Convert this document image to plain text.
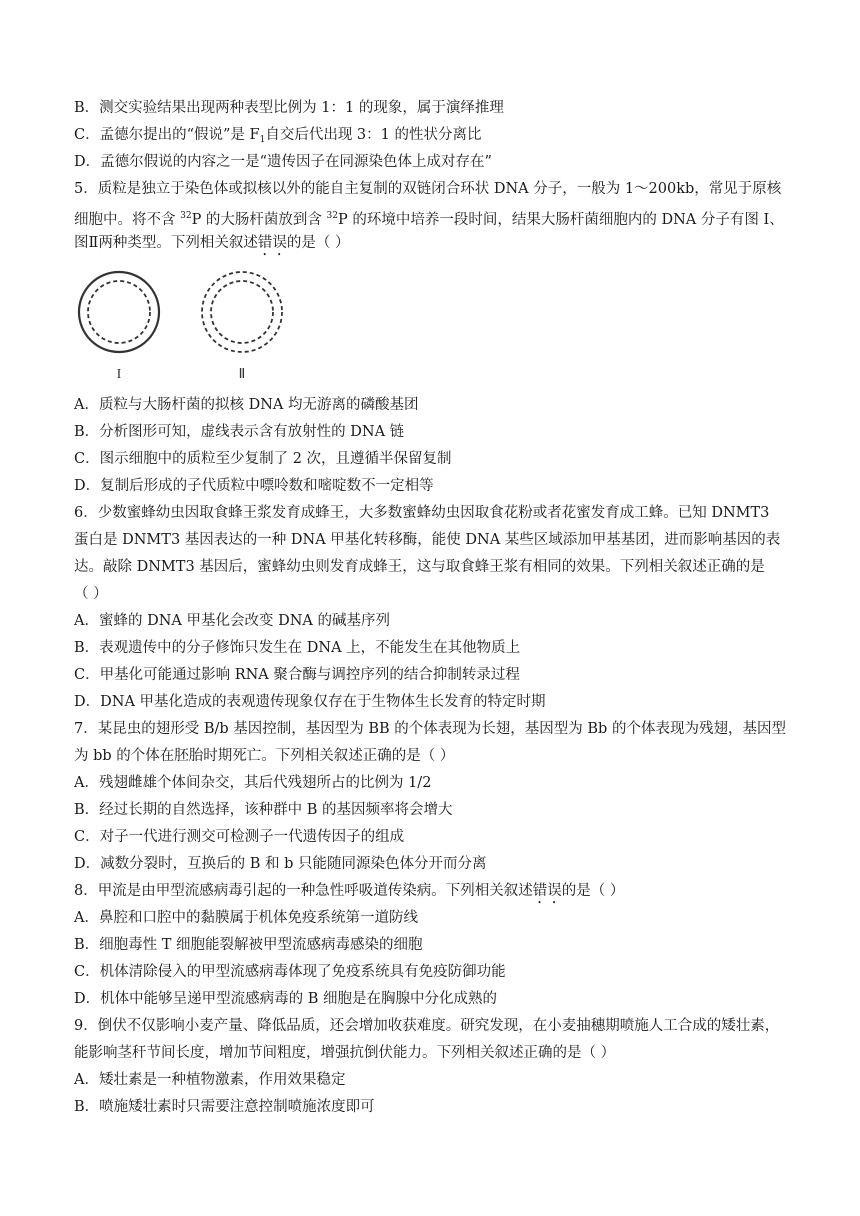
B．测交实验结果出现两种表型比例为 1：1 的现象，属于演绎推理
C．孟德尔提出的“假说”是 $F_1$自交后代出现 3：1 的性状分离比
D．孟德尔假说的内容之一是“遗传因子在同源染色体上成对存在”
5．质粒是独立于染色体或拟核以外的能自主复制的双链闭合环状 DNA 分子，一般为 1～200kb，常见于原核
细胞中。将不含 $^{32}$P 的大肠杆菌放到含 $^{32}$P 的环境中培养一段时间，结果大肠杆菌细胞内的 DNA 分子有图 I、
图Ⅱ两种类型。下列相关叙述错误的是（ ）
I	Ⅱ
A．质粒与大肠杆菌的拟核 DNA 均无游离的磷酸基团
B．分析图形可知，虚线表示含有放射性的 DNA 链
C．图示细胞中的质粒至少复制了 2 次，且遵循半保留复制
D．复制后形成的子代质粒中嘌呤数和嘧啶数不一定相等
6．少数蜜蜂幼虫因取食蜂王浆发育成蜂王，大多数蜜蜂幼虫因取食花粉或者花蜜发育成工蜂。已知 DNMT3
蛋白是 DNMT3 基因表达的一种 DNA 甲基化转移酶，能使 DNA 某些区域添加甲基基团，进而影响基因的表
达。敲除 DNMT3 基因后，蜜蜂幼虫则发育成蜂王，这与取食蜂王浆有相同的效果。下列相关叙述正确的是
（ ）
A．蜜蜂的 DNA 甲基化会改变 DNA 的碱基序列
B．表观遗传中的分子修饰只发生在 DNA 上，不能发生在其他物质上
C．甲基化可能通过影响 RNA 聚合酶与调控序列的结合抑制转录过程
D．DNA 甲基化造成的表观遗传现象仅存在于生物体生长发育的特定时期
7．某昆虫的翅形受 B/b 基因控制，基因型为 BB 的个体表现为长翅，基因型为 Bb 的个体表现为残翅，基因型
为 bb 的个体在胚胎时期死亡。下列相关叙述正确的是（ ）
A．残翅雌雄个体间杂交，其后代残翅所占的比例为 1/2
B．经过长期的自然选择，该种群中 B 的基因频率将会增大
C．对子一代进行测交可检测子一代遗传因子的组成
D．减数分裂时，互换后的 B 和 b 只能随同源染色体分开而分离
8．甲流是由甲型流感病毒引起的一种急性呼吸道传染病。下列相关叙述错误的是（ ）
A．鼻腔和口腔中的黏膜属于机体免疫系统第一道防线
B．细胞毒性 T 细胞能裂解被甲型流感病毒感染的细胞
C．机体清除侵入的甲型流感病毒体现了免疫系统具有免疫防御功能
D．机体中能够呈递甲型流感病毒的 B 细胞是在胸腺中分化成熟的
9．倒伏不仅影响小麦产量、降低品质，还会增加收获难度。研究发现，在小麦抽穗期喷施人工合成的矮壮素，
能影响茎秆节间长度，增加节间粗度，增强抗倒伏能力。下列相关叙述正确的是（ ）
A．矮壮素是一种植物激素，作用效果稳定
B．喷施矮壮素时只需要注意控制喷施浓度即可
